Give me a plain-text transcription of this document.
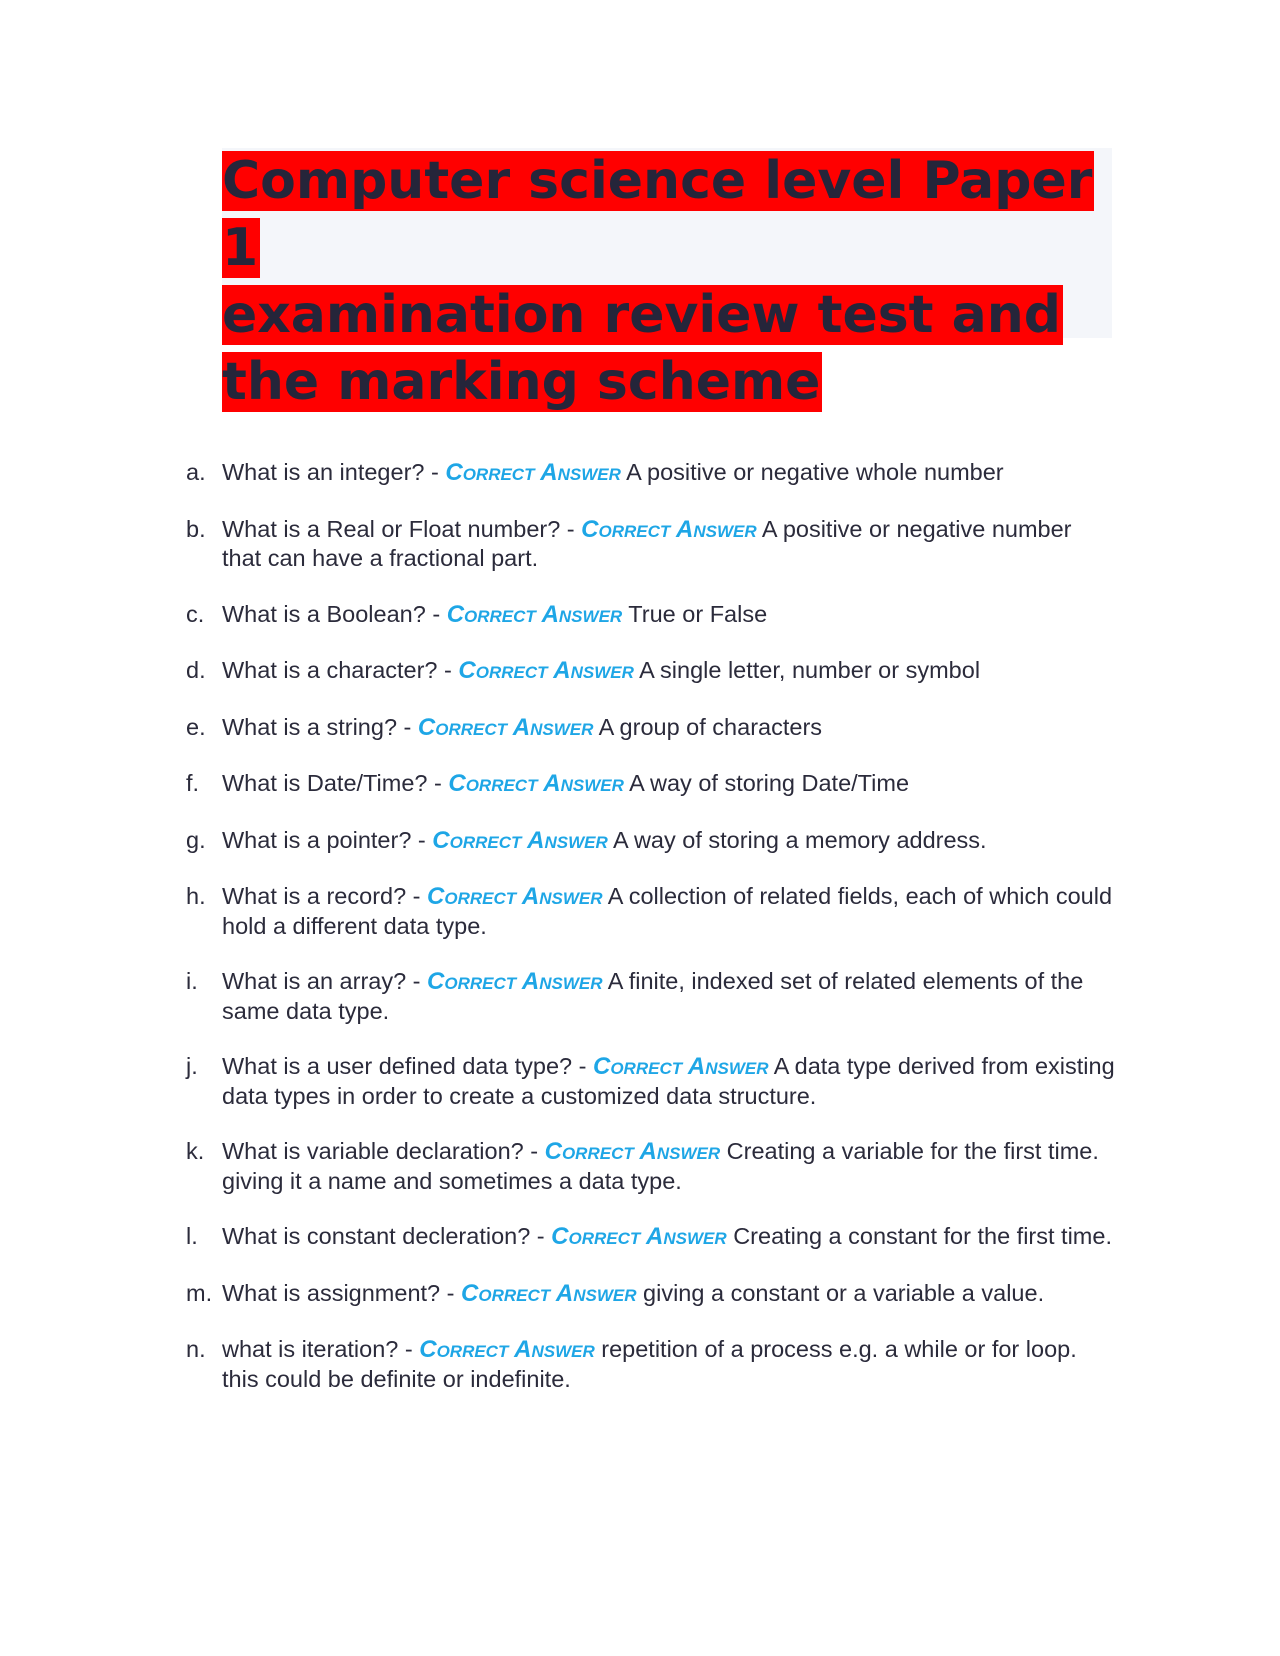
Computer science level Paper 1
examination review test and
the marking scheme
a. What is an integer? - Correct Answer A positive or negative whole number
b. What is a Real or Float number? - Correct Answer A positive or negative number that can have a fractional part.
c. What is a Boolean? - Correct Answer True or False
d. What is a character? - Correct Answer A single letter, number or symbol
e. What is a string? - Correct Answer A group of characters
f. What is Date/Time? - Correct Answer A way of storing Date/Time
g. What is a pointer? - Correct Answer A way of storing a memory address.
h. What is a record? - Correct Answer A collection of related fields, each of which could hold a different data type.
i. What is an array? - Correct Answer A finite, indexed set of related elements of the same data type.
j. What is a user defined data type? - Correct Answer A data type derived from existing data types in order to create a customized data structure.
k. What is variable declaration? - Correct Answer Creating a variable for the first time. giving it a name and sometimes a data type.
l. What is constant decleration? - Correct Answer Creating a constant for the first time.
m. What is assignment? - Correct Answer giving a constant or a variable a value.
n. what is iteration? - Correct Answer repetition of a process e.g. a while or for loop. this could be definite or indefinite.
